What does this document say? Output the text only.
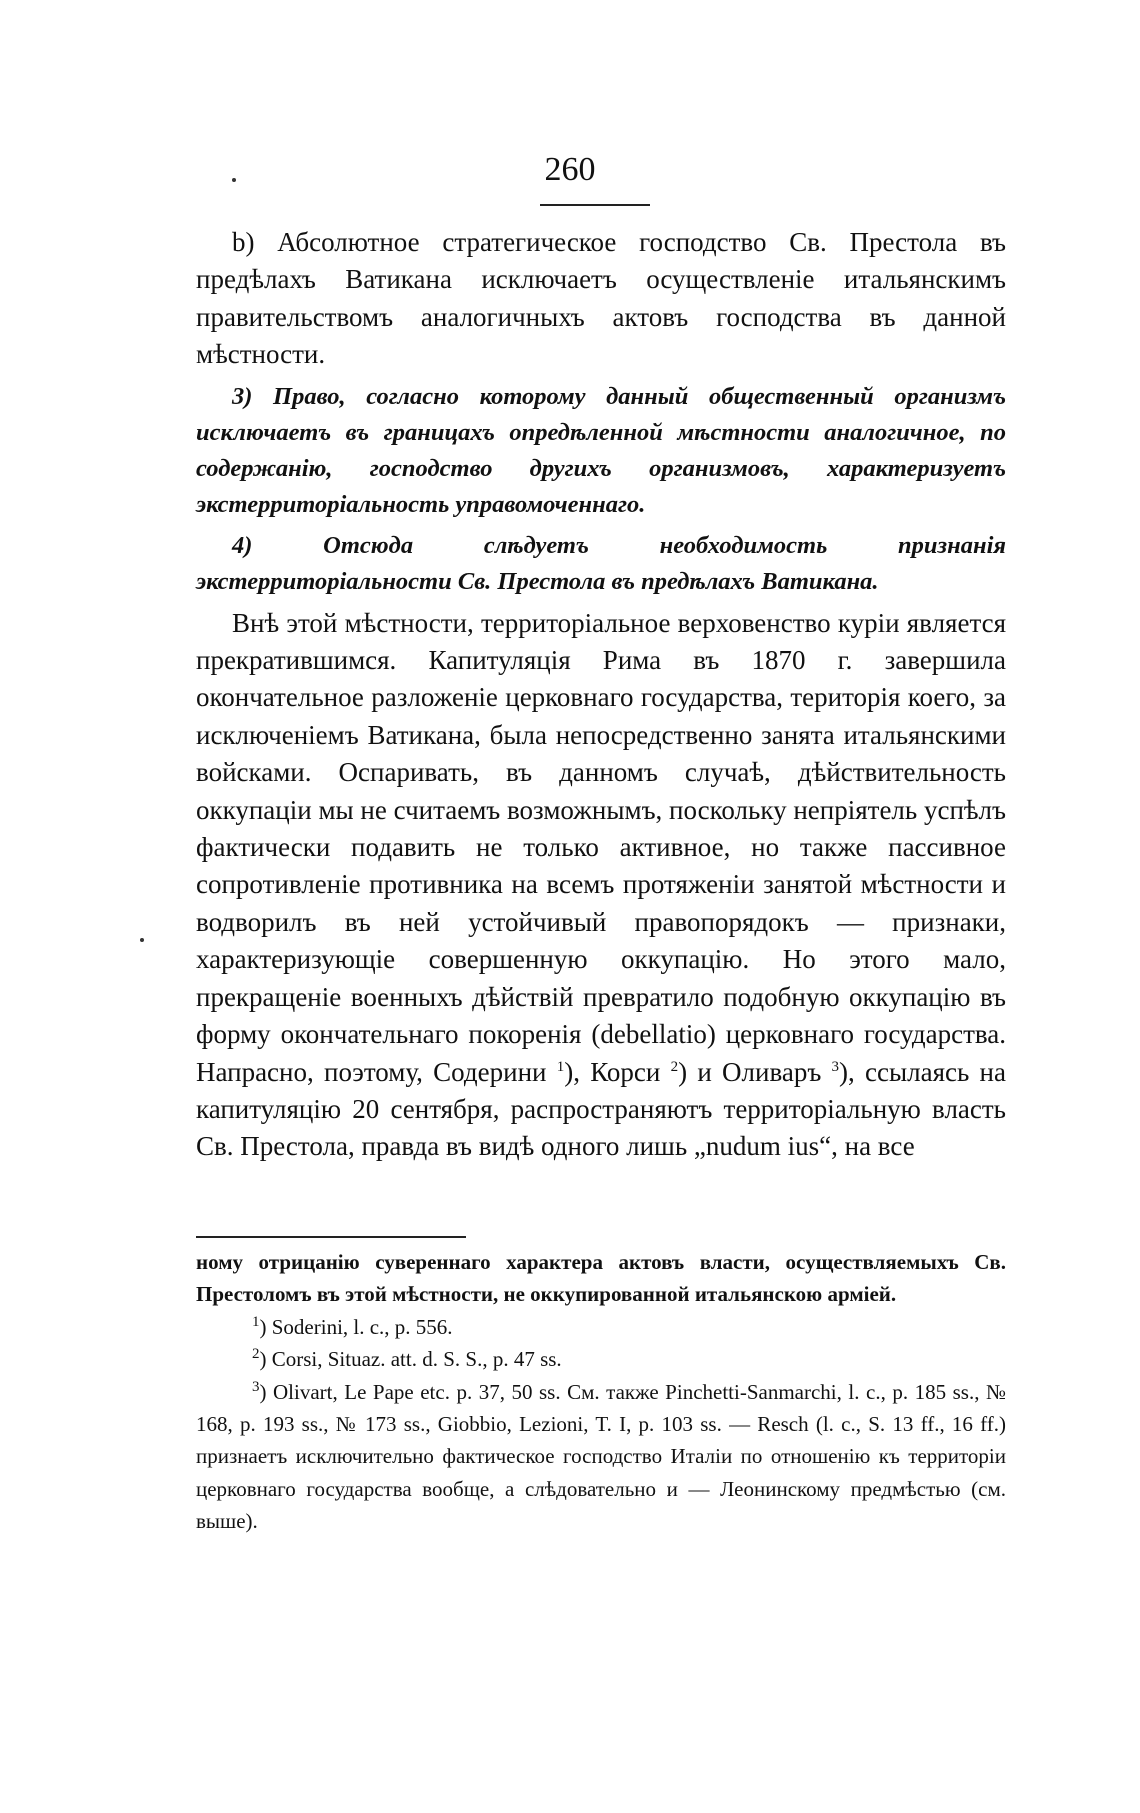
260

b) Абсолютное стратегическое господство Св. Престола въ предѣлахъ Ватикана исключаетъ осуществленіе итальянскимъ правительствомъ аналогичныхъ актовъ господства въ данной мѣстности.

3) Право, согласно которому данный общественный организмъ исключаетъ въ границахъ опредѣленной мѣстности аналогичное, по содержанію, господство другихъ организмовъ, характеризуетъ экстерриторіальность управомоченнаго.

4) Отсюда слѣдуетъ необходимость признанія экстерриторіальности Св. Престола въ предѣлахъ Ватикана.

Внѣ этой мѣстности, территоріальное верховенство куріи является прекратившимся. Капитуляція Рима въ 1870 г. завершила окончательное разложеніе церковнаго государства, територія коего, за исключеніемъ Ватикана, была непосредственно занята итальянскими войсками. Оспаривать, въ данномъ случаѣ, дѣйствительность оккупаціи мы не считаемъ возможнымъ, поскольку непріятель успѣлъ фактически подавить не только активное, но также пассивное сопротивленіе противника на всемъ протяженіи занятой мѣстности и водворилъ въ ней устойчивый правопорядокъ — признаки, характеризующіе совершенную оккупацію. Но этого мало, прекращеніе военныхъ дѣйствій превратило подобную оккупацію въ форму окончательнаго покоренія (debellatio) церковнаго государства. Напрасно, поэтому, Содерини $^1$), Корси $^2$) и Оливаръ $^3$), ссылаясь на капитуляцію 20 сентября, распространяютъ территоріальную власть Св. Престола, правда въ видѣ одного лишь „nudum ius“, на все

ному отрицанію сувереннаго характера актовъ власти, осуществляемыхъ Св. Престоломъ въ этой мѣстности, не оккупированной итальянскою арміей.

$^1$) Soderini, l. c., p. 556.

$^2$) Corsi, Situaz. att. d. S. S., p. 47 ss.

$^3$) Olivart, Le Pape etc. p. 37, 50 ss. См. также Pinchetti-Sanmarchi, l. c., p. 185 ss., № 168, p. 193 ss., № 173 ss., Giobbio, Lezioni, T. I, p. 103 ss. — Resch (l. c., S. 13 ff., 16 ff.) признаетъ исключительно фактическое господство Италіи по отношенію къ территоріи церковнаго государства вообще, а слѣдовательно и — Леонинскому предмѣстью (см. выше).
